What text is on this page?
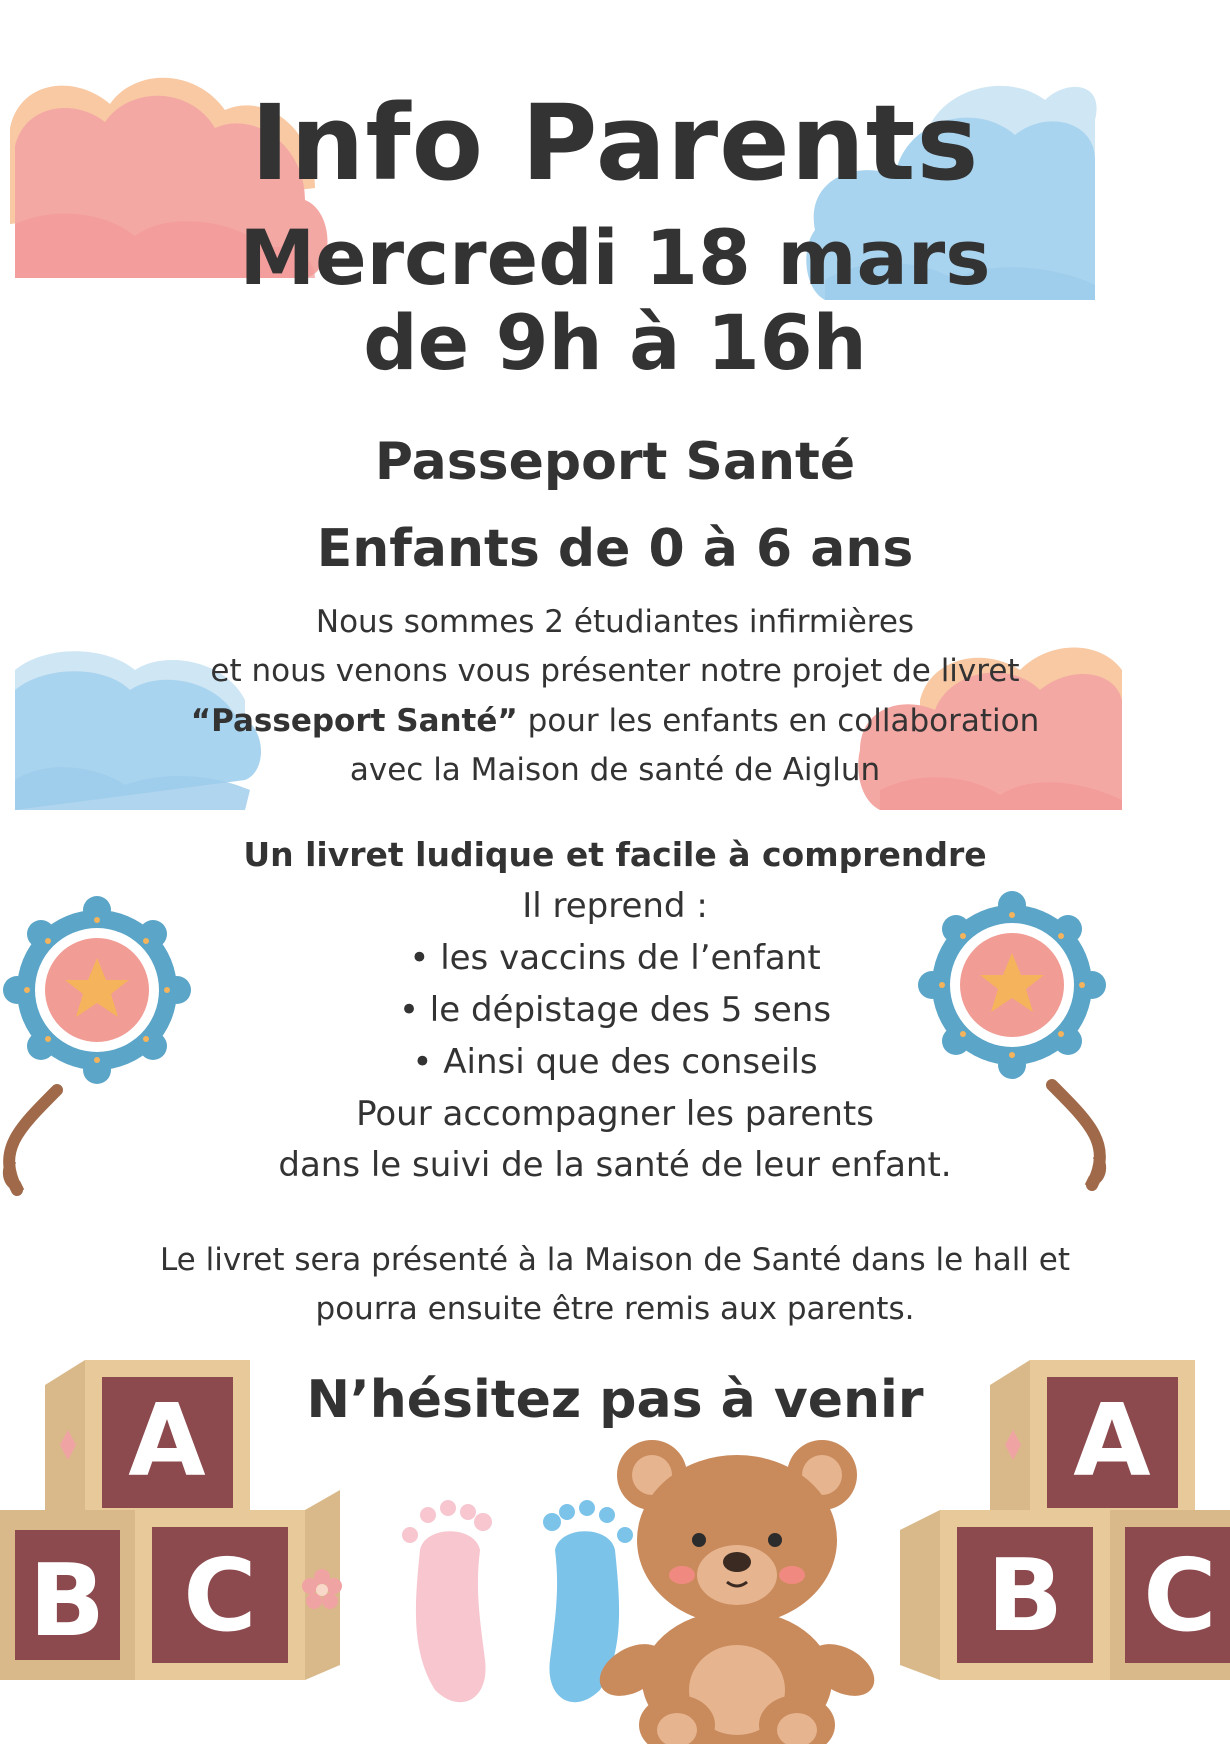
A
B C
A
B C
Info Parents
Mercredi 18 mars
de 9h à 16h
Passeport Santé
Enfants de 0 à 6 ans
Nous sommes 2 étudiantes infirmières
et nous venons vous présenter notre projet de livret
“Passeport Santé” pour les enfants en collaboration
avec la Maison de santé de Aiglun
Un livret ludique et facile à comprendre
Il reprend :
• les vaccins de l’enfant
• le dépistage des 5 sens
• Ainsi que des conseils
Pour accompagner les parents
dans le suivi de la santé de leur enfant.
Le livret sera présenté à la Maison de Santé dans le hall et
pourra ensuite être remis aux parents.
N’hésitez pas à venir
